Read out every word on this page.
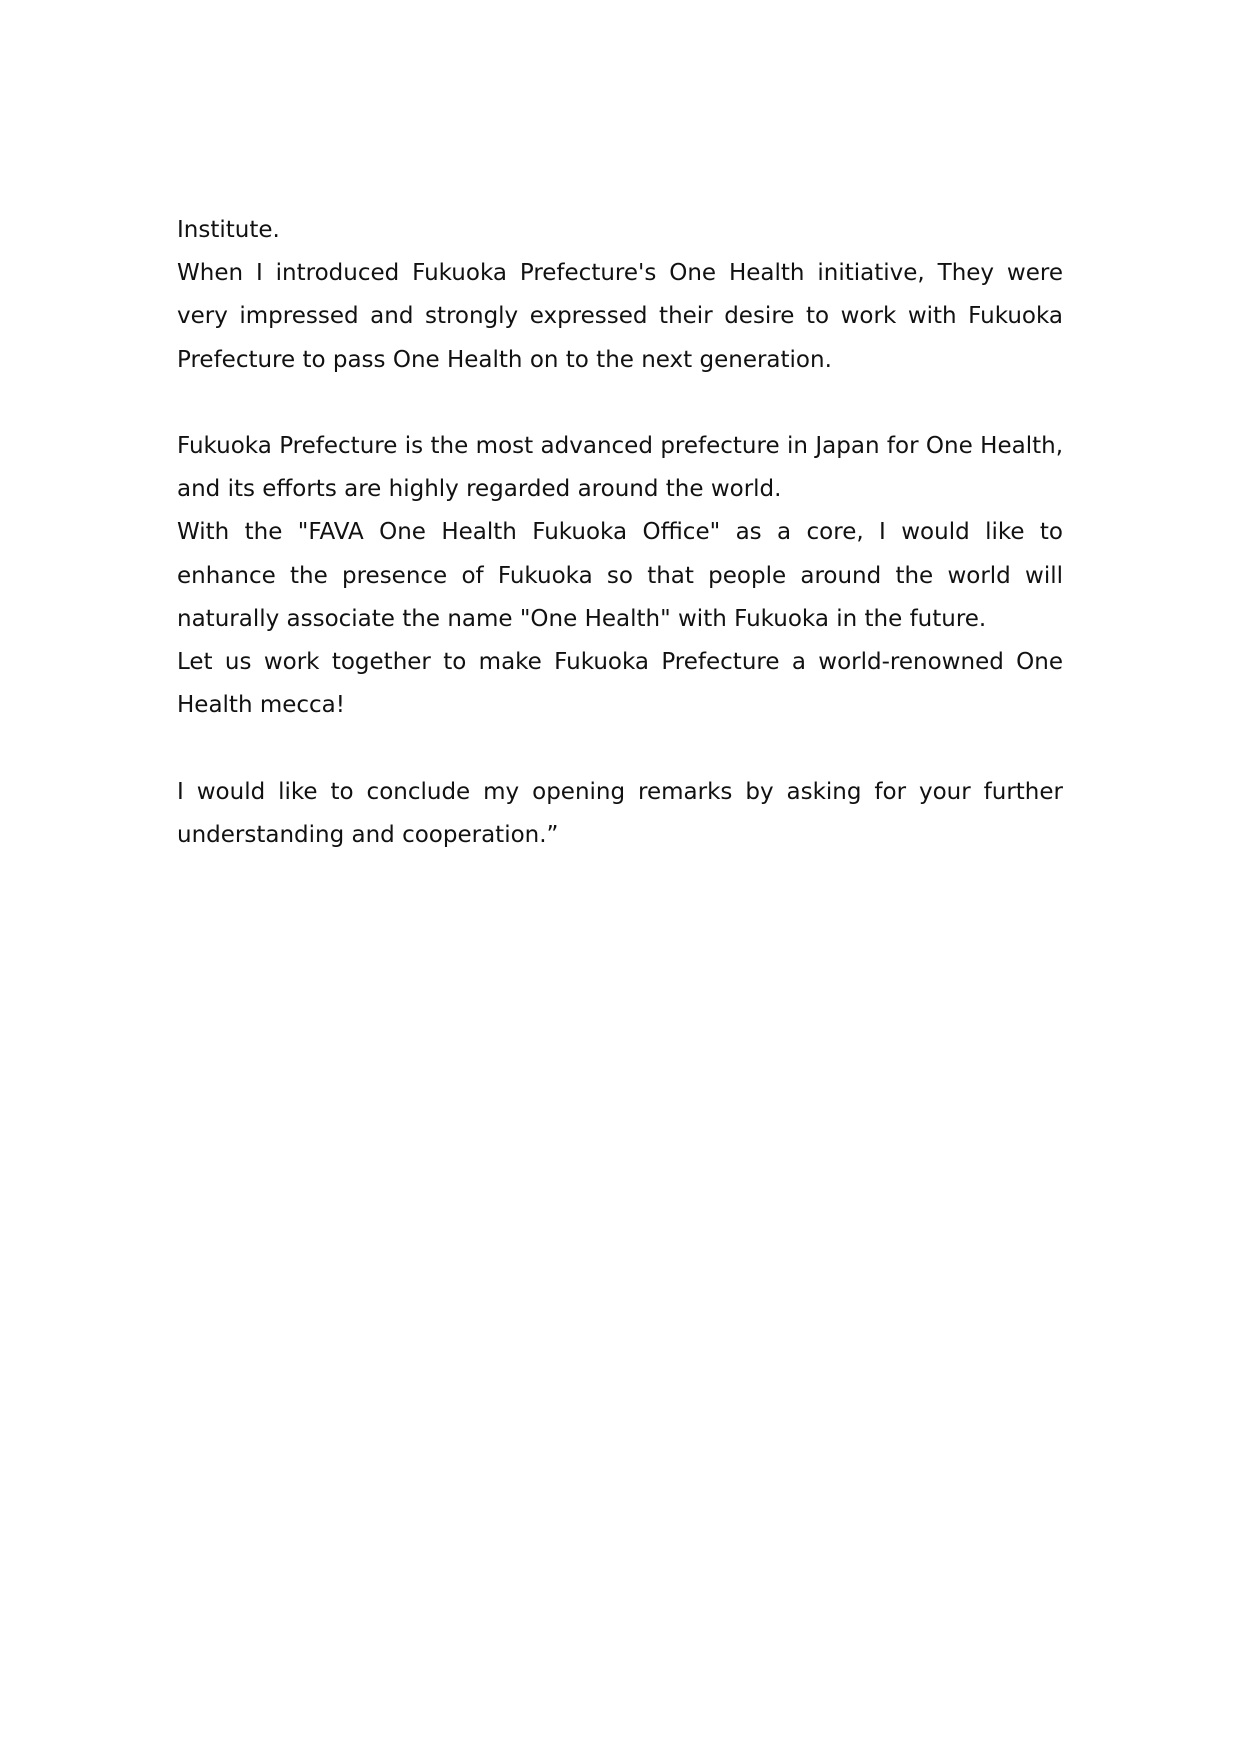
Institute.

When I introduced Fukuoka Prefecture's One Health initiative, They were very impressed and strongly expressed their desire to work with Fukuoka Prefecture to pass One Health on to the next generation.

Fukuoka Prefecture is the most advanced prefecture in Japan for One Health, and its efforts are highly regarded around the world.

With the "FAVA One Health Fukuoka Office" as a core, I would like to enhance the presence of Fukuoka so that people around the world will naturally associate the name "One Health" with Fukuoka in the future.

Let us work together to make Fukuoka Prefecture a world-renowned One Health mecca!

I would like to conclude my opening remarks by asking for your further understanding and cooperation.”
